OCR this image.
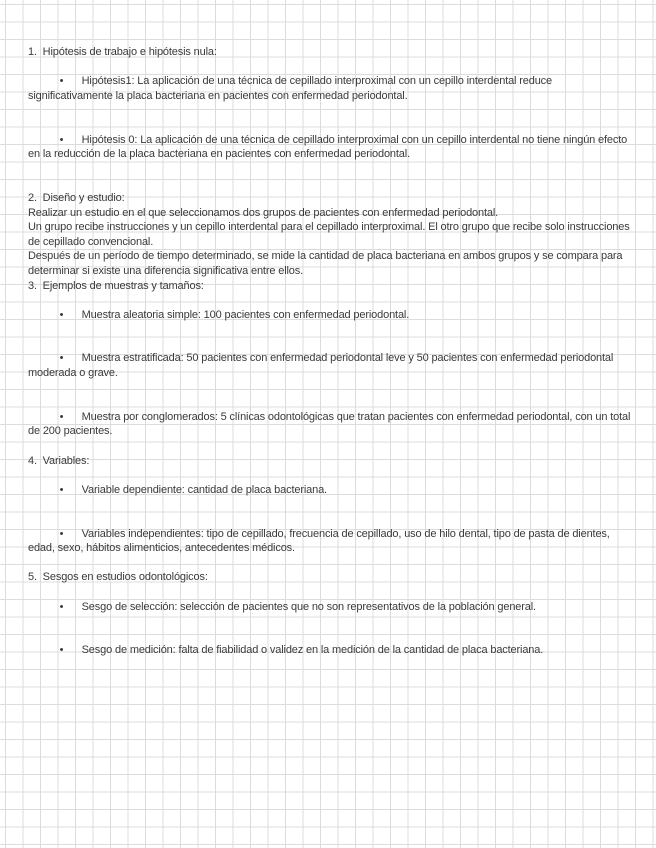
1.  Hipótesis de trabajo e hipótesis nula:

• Hipótesis1: La aplicación de una técnica de cepillado interproximal con un cepillo interdental reduce significativamente la placa bacteriana en pacientes con enfermedad periodontal.

• Hipótesis 0: La aplicación de una técnica de cepillado interproximal con un cepillo interdental no tiene ningún efecto en la reducción de la placa bacteriana en pacientes con enfermedad periodontal.

2.  Diseño y estudio:
Realizar un estudio en el que seleccionamos dos grupos de pacientes con enfermedad periodontal.
Un grupo recibe instrucciones y un cepillo interdental para el cepillado interproximal. El otro grupo que recibe solo instrucciones de cepillado convencional.
Después de un período de tiempo determinado, se mide la cantidad de placa bacteriana en ambos grupos y se compara para determinar si existe una diferencia significativa entre ellos.
3.  Ejemplos de muestras y tamaños:

• Muestra aleatoria simple: 100 pacientes con enfermedad periodontal.

• Muestra estratificada: 50 pacientes con enfermedad periodontal leve y 50 pacientes con enfermedad periodontal moderada o grave.

• Muestra por conglomerados: 5 clínicas odontológicas que tratan pacientes con enfermedad periodontal, con un total de 200 pacientes.

4.  Variables:

• Variable dependiente: cantidad de placa bacteriana.

• Variables independientes: tipo de cepillado, frecuencia de cepillado, uso de hilo dental, tipo de pasta de dientes, edad, sexo, hábitos alimenticios, antecedentes médicos.

5.  Sesgos en estudios odontológicos:

• Sesgo de selección: selección de pacientes que no son representativos de la población general.

• Sesgo de medición: falta de fiabilidad o validez en la medición de la cantidad de placa bacteriana.
